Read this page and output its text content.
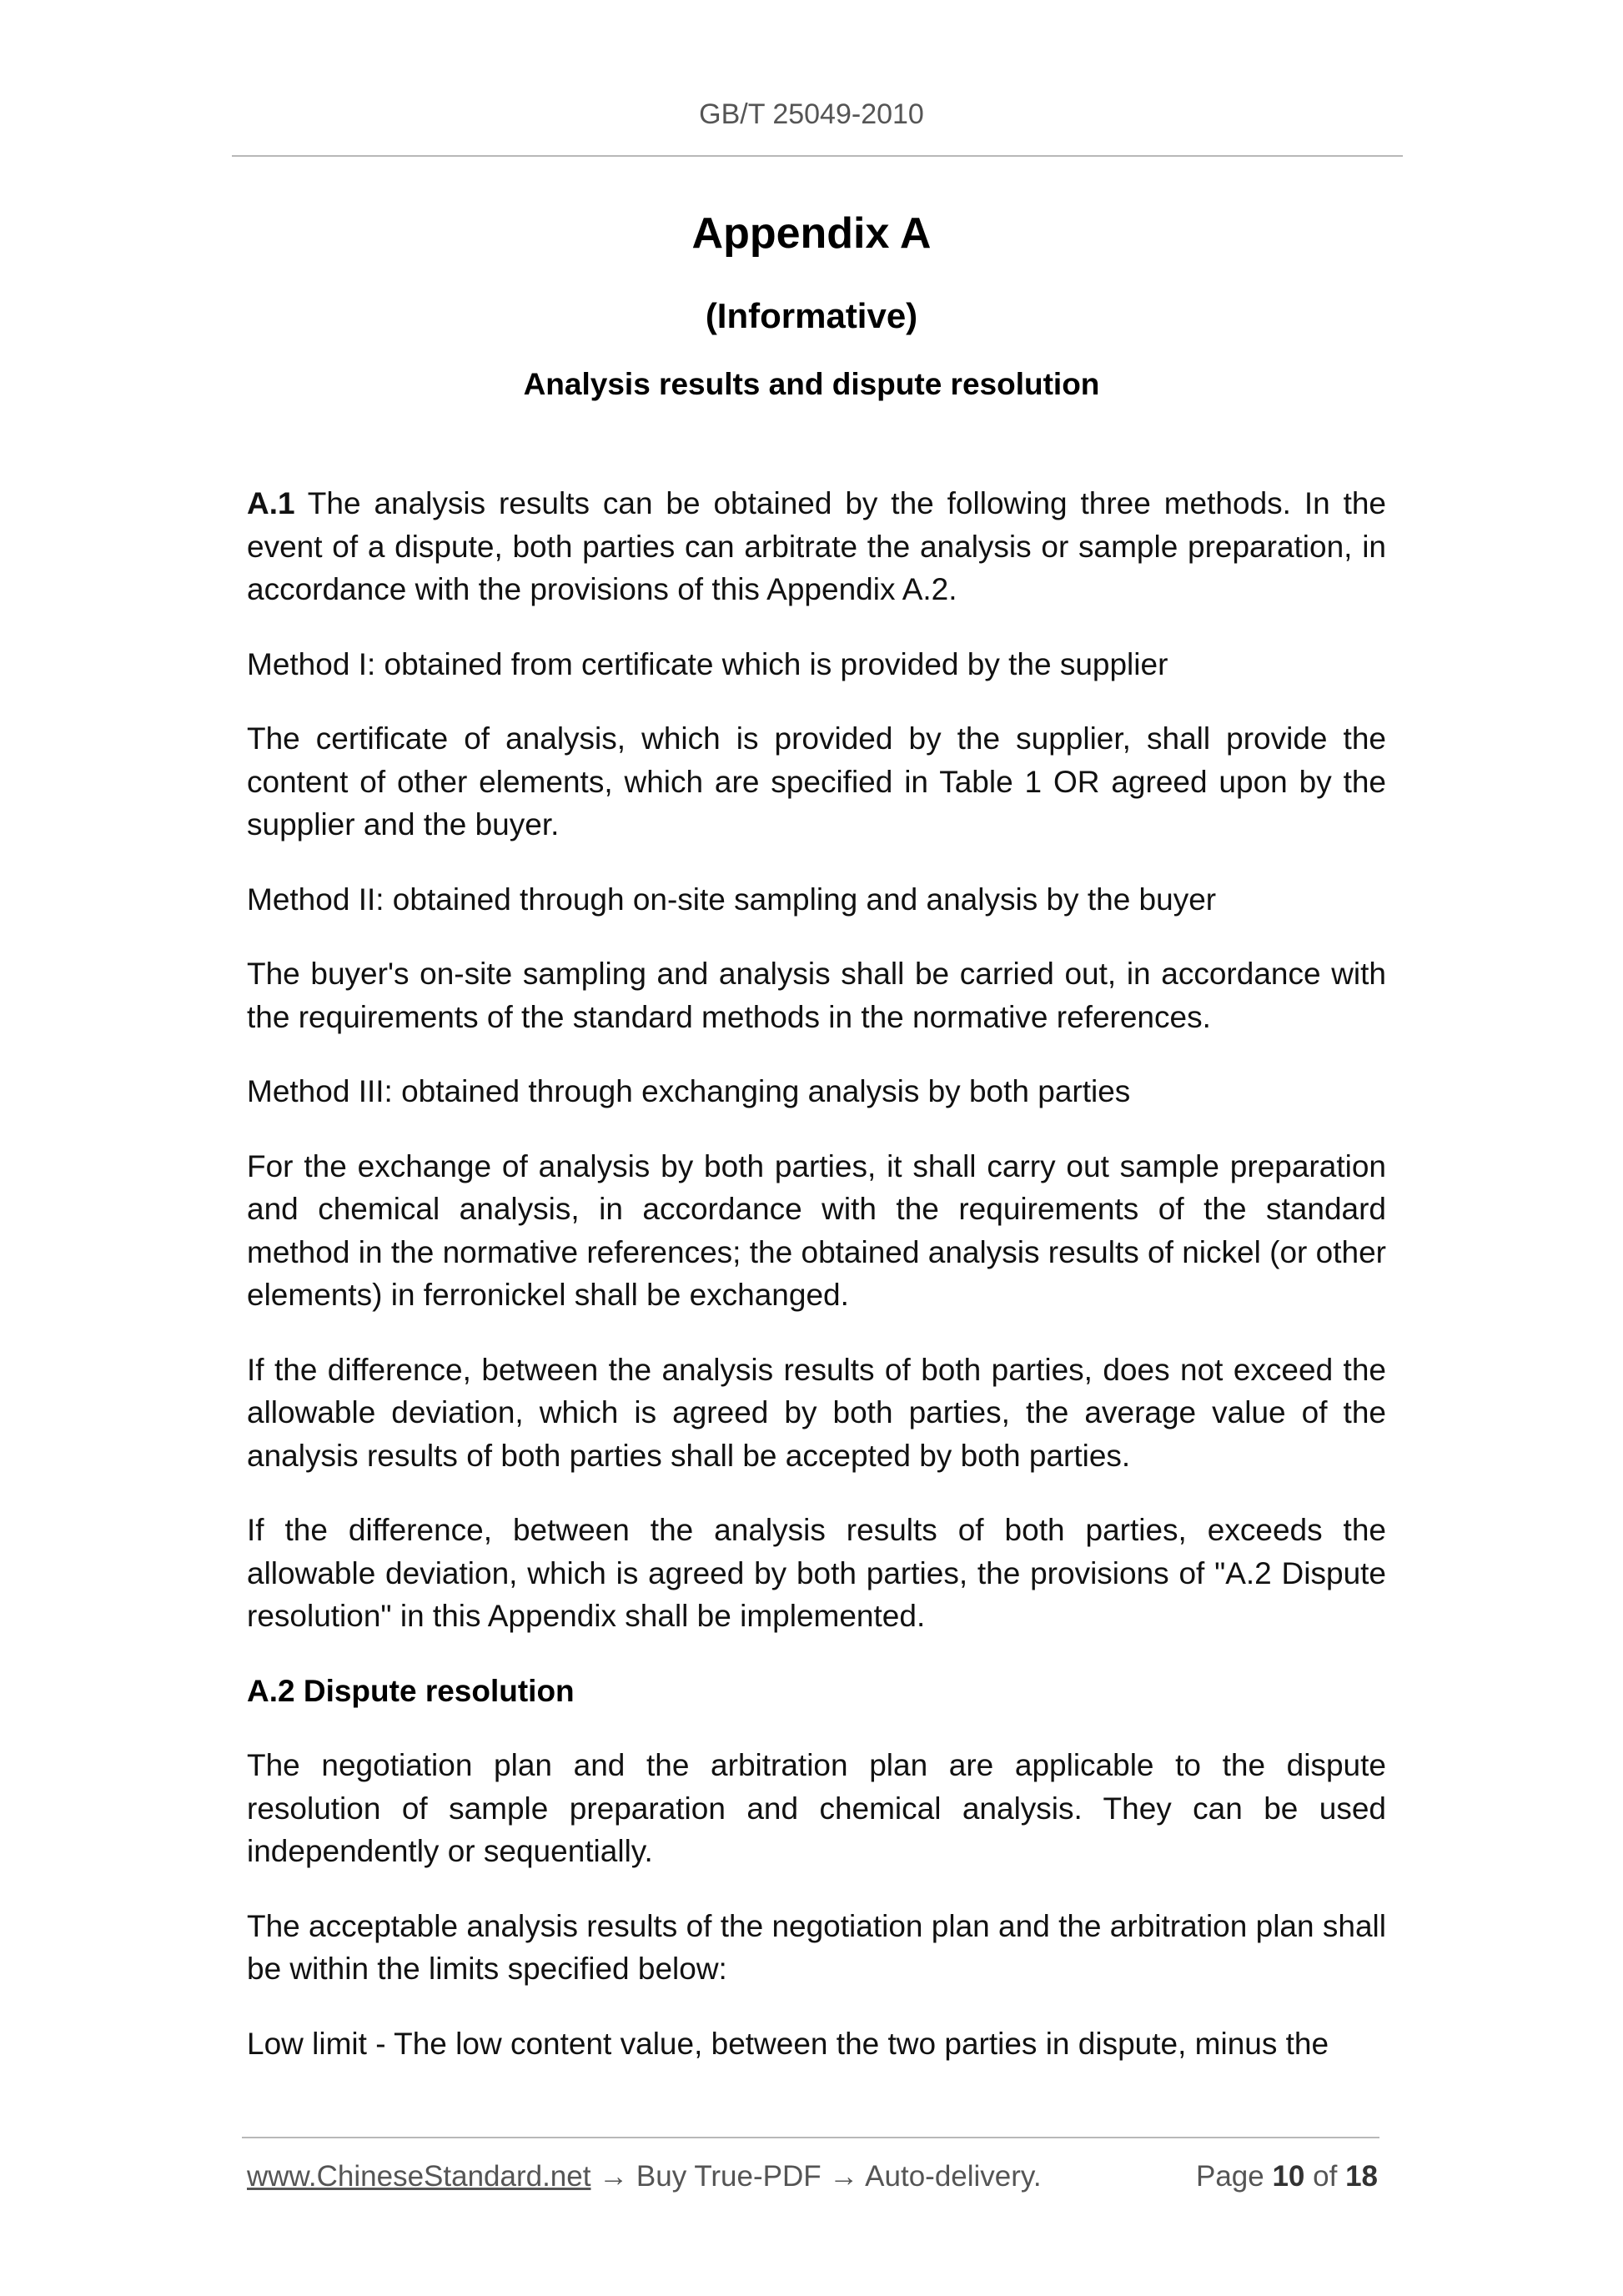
GB/T 25049-2010
Appendix A
(Informative)
Analysis results and dispute resolution

A.1 The analysis results can be obtained by the following three methods. In the event of a dispute, both parties can arbitrate the analysis or sample preparation, in accordance with the provisions of this Appendix A.2.

Method I: obtained from certificate which is provided by the supplier

The certificate of analysis, which is provided by the supplier, shall provide the content of other elements, which are specified in Table 1 OR agreed upon by the supplier and the buyer.

Method II: obtained through on-site sampling and analysis by the buyer

The buyer's on-site sampling and analysis shall be carried out, in accordance with the requirements of the standard methods in the normative references.

Method III: obtained through exchanging analysis by both parties

For the exchange of analysis by both parties, it shall carry out sample preparation and chemical analysis, in accordance with the requirements of the standard method in the normative references; the obtained analysis results of nickel (or other elements) in ferronickel shall be exchanged.

If the difference, between the analysis results of both parties, does not exceed the allowable deviation, which is agreed by both parties, the average value of the analysis results of both parties shall be accepted by both parties.

If the difference, between the analysis results of both parties, exceeds the allowable deviation, which is agreed by both parties, the provisions of "A.2 Dispute resolution" in this Appendix shall be implemented.

A.2 Dispute resolution

The negotiation plan and the arbitration plan are applicable to the dispute resolution of sample preparation and chemical analysis. They can be used independently or sequentially.

The acceptable analysis results of the negotiation plan and the arbitration plan shall be within the limits specified below:

Low limit - The low content value, between the two parties in dispute, minus the

www.ChineseStandard.net → Buy True-PDF → Auto-delivery.	Page 10 of 18
